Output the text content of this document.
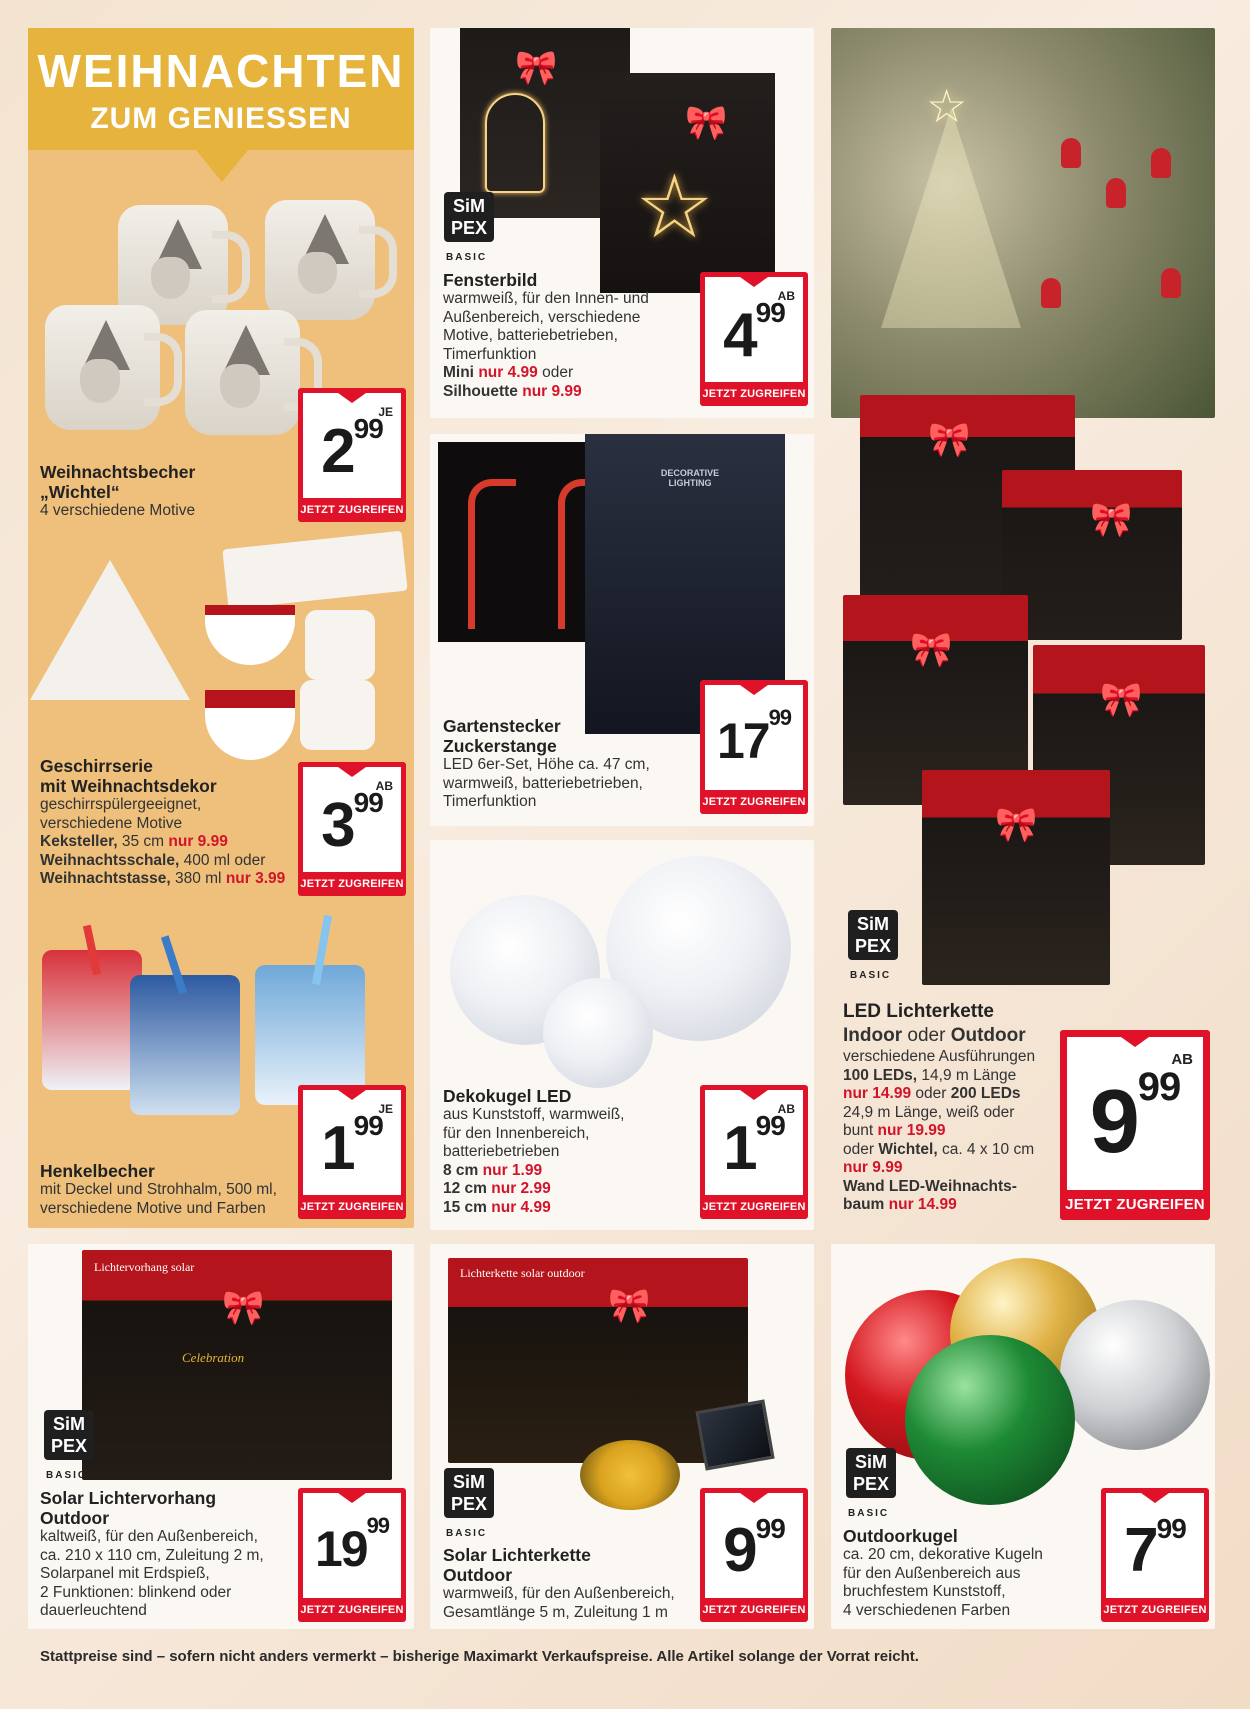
WEIHNACHTEN
ZUM GENIESSEN
Weihnachtsbecher
„Wichtel“
4 verschiedene Motive
JE
2 99
JETZT ZUGREIFEN
Geschirrserie
mit Weihnachtsdekor
geschirrspülergeeignet,
verschiedene Motive
Keksteller, 35 cm nur 9.99
Weihnachtsschale, 400 ml oder
Weihnachtstasse, 380 ml nur 3.99
AB
3 99
JETZT ZUGREIFEN
Henkelbecher
mit Deckel und Strohhalm, 500 ml,
verschiedene Motive und Farben
JE
1 99
JETZT ZUGREIFEN
☆
🎀
🎀
SiM
PEX
BASIC
Fensterbild
warmweiß, für den Innen- und
Außenbereich, verschiedene
Motive, batteriebetrieben,
Timerfunktion
Mini nur 4.99 oder
Silhouette nur 9.99
AB
4 99
JETZT ZUGREIFEN
DECORATIVE LIGHTING
Gartenstecker
Zuckerstange
LED 6er-Set, Höhe ca. 47 cm,
warmweiß, batteriebetrieben,
Timerfunktion
17 99
JETZT ZUGREIFEN
Dekokugel LED
aus Kunststoff, warmweiß,
für den Innenbereich,
batteriebetrieben
8 cm nur 1.99
12 cm nur 2.99
15 cm nur 4.99
AB
1 99
JETZT ZUGREIFEN
☆
🎀
🎀
🎀
🎀
🎀
SiM
PEX
BASIC
LED Lichterkette
Indoor oder Outdoor
verschiedene Ausführungen
100 LEDs, 14,9 m Länge
nur 14.99 oder 200 LEDs
24,9 m Länge, weiß oder
bunt nur 19.99
oder Wichtel, ca. 4 x 10 cm
nur 9.99
Wand LED-Weihnachts-
baum nur 14.99
AB
9 99
JETZT ZUGREIFEN
Lichtervorhang solar
Celebration
🎀
SiM
PEX
BASIC
Solar Lichtervorhang
Outdoor
kaltweiß, für den Außenbereich,
ca. 210 x 110 cm, Zuleitung 2 m,
Solarpanel mit Erdspieß,
2 Funktionen: blinkend oder
dauerleuchtend
19 99
JETZT ZUGREIFEN
Lichterkette solar outdoor
🎀
SiM
PEX
BASIC
Solar Lichterkette
Outdoor
warmweiß, für den Außenbereich,
Gesamtlänge 5 m, Zuleitung 1 m
9 99
JETZT ZUGREIFEN
SiM
PEX
BASIC
Outdoorkugel
ca. 20 cm, dekorative Kugeln
für den Außenbereich aus
bruchfestem Kunststoff,
4 verschiedenen Farben
7 99
JETZT ZUGREIFEN
Stattpreise sind – sofern nicht anders vermerkt – bisherige Maximarkt Verkaufspreise. Alle Artikel solange der Vorrat reicht.
